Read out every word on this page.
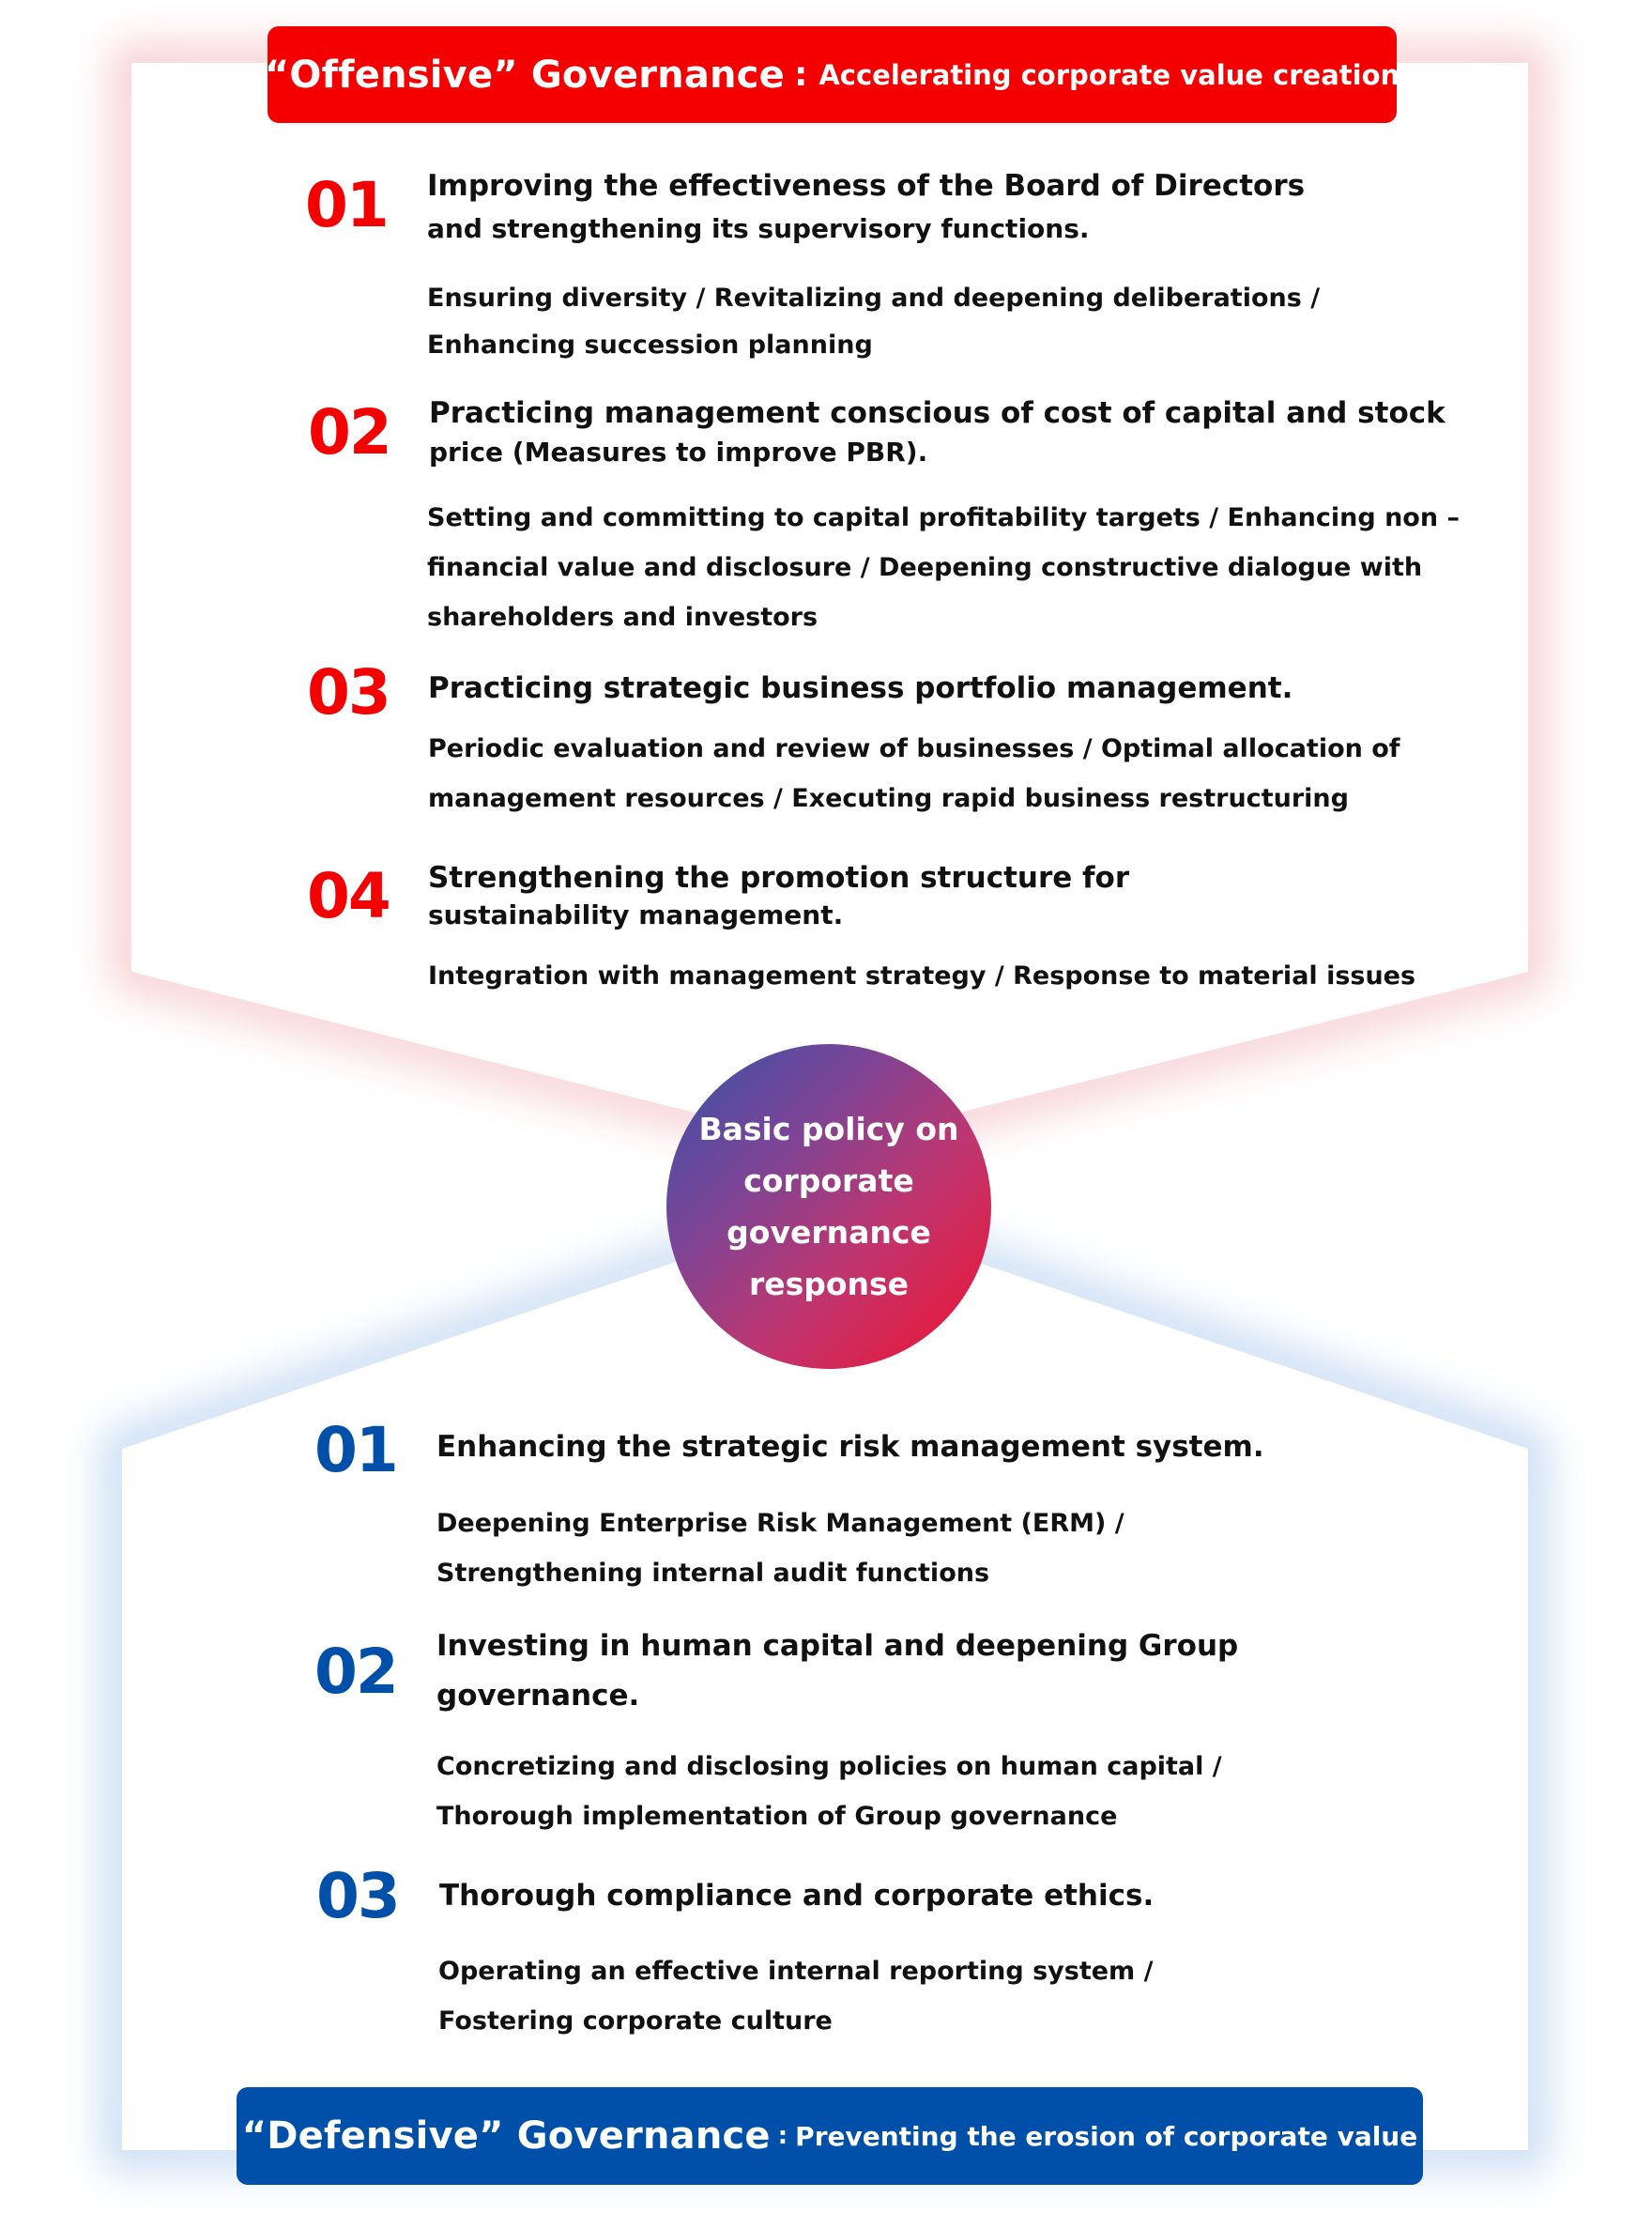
“Offensive” Governance : Accelerating corporate value creation
01 Improving the effectiveness of the Board of Directors
and strengthening its supervisory functions.
Ensuring diversity / Revitalizing and deepening deliberations /
Enhancing succession planning
02 Practicing management conscious of cost of capital and stock
price (Measures to improve PBR).
Setting and committing to capital profitability targets / Enhancing non –
financial value and disclosure / Deepening constructive dialogue with
shareholders and investors
03 Practicing strategic business portfolio management.
Periodic evaluation and review of businesses / Optimal allocation of
management resources / Executing rapid business restructuring
04 Strengthening the promotion structure for
sustainability management.
Integration with management strategy / Response to material issues
Basic policy on
corporate
governance
response
01 Enhancing the strategic risk management system.
Deepening Enterprise Risk Management (ERM) /
Strengthening internal audit functions
02 Investing in human capital and deepening Group
governance.
Concretizing and disclosing policies on human capital /
Thorough implementation of Group governance
03 Thorough compliance and corporate ethics.
Operating an effective internal reporting system /
Fostering corporate culture
“Defensive” Governance : Preventing the erosion of corporate value
